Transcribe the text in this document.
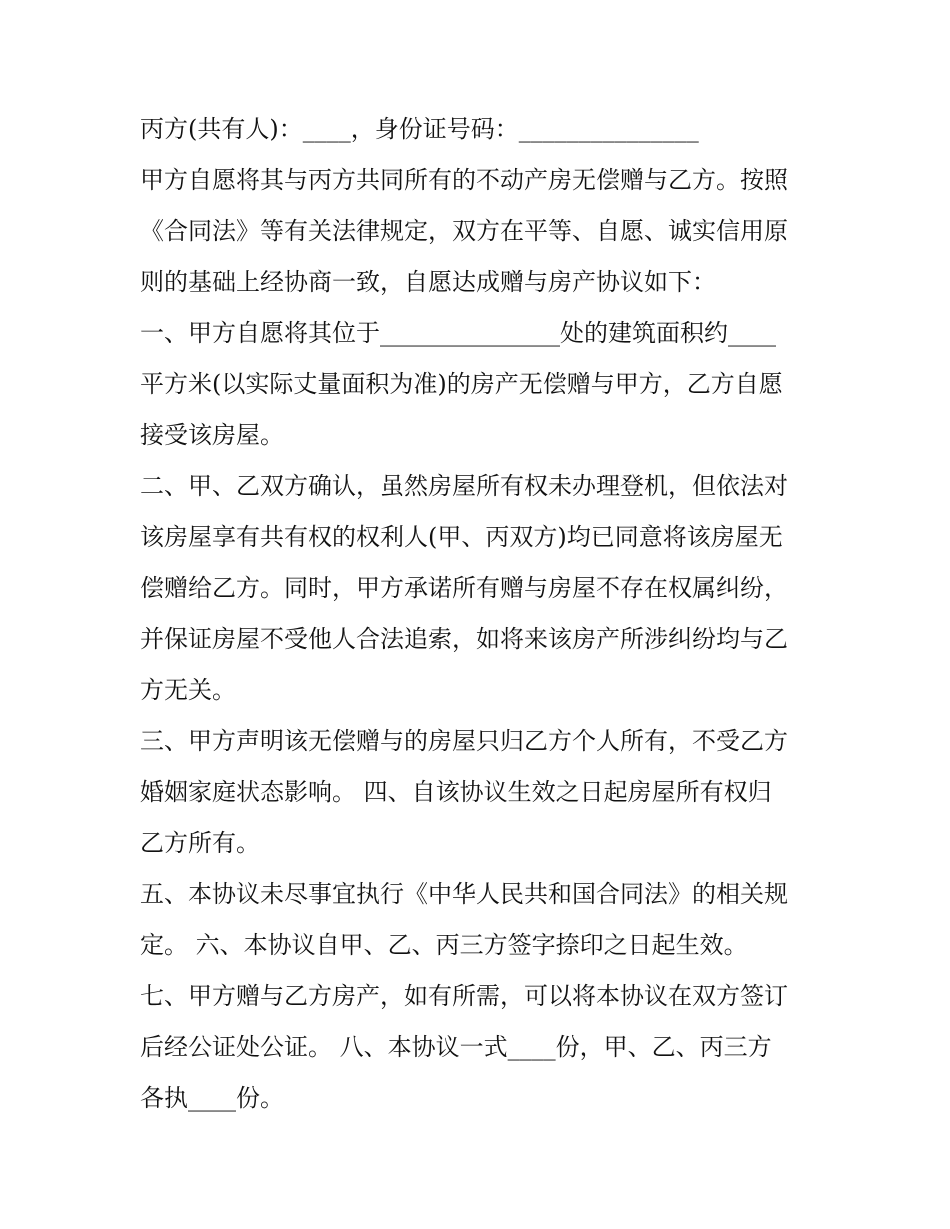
丙方(共有人)：____，身份证号码：_______________
甲方自愿将其与丙方共同所有的不动产房无偿赠与乙方。按照
《合同法》等有关法律规定，双方在平等、自愿、诚实信用原
则的基础上经协商一致，自愿达成赠与房产协议如下：
一、甲方自愿将其位于_______________处的建筑面积约____
平方米(以实际丈量面积为准)的房产无偿赠与甲方，乙方自愿
接受该房屋。
二、甲、乙双方确认，虽然房屋所有权未办理登机，但依法对
该房屋享有共有权的权利人(甲、丙双方)均已同意将该房屋无
偿赠给乙方。同时，甲方承诺所有赠与房屋不存在权属纠纷，
并保证房屋不受他人合法追索，如将来该房产所涉纠纷均与乙
方无关。
三、甲方声明该无偿赠与的房屋只归乙方个人所有，不受乙方
婚姻家庭状态影响。 四、自该协议生效之日起房屋所有权归
乙方所有。
五、本协议未尽事宜执行《中华人民共和国合同法》的相关规
定。 六、本协议自甲、乙、丙三方签字捺印之日起生效。
七、甲方赠与乙方房产，如有所需，可以将本协议在双方签订
后经公证处公证。 八、本协议一式____份，甲、乙、丙三方
各执____份。
